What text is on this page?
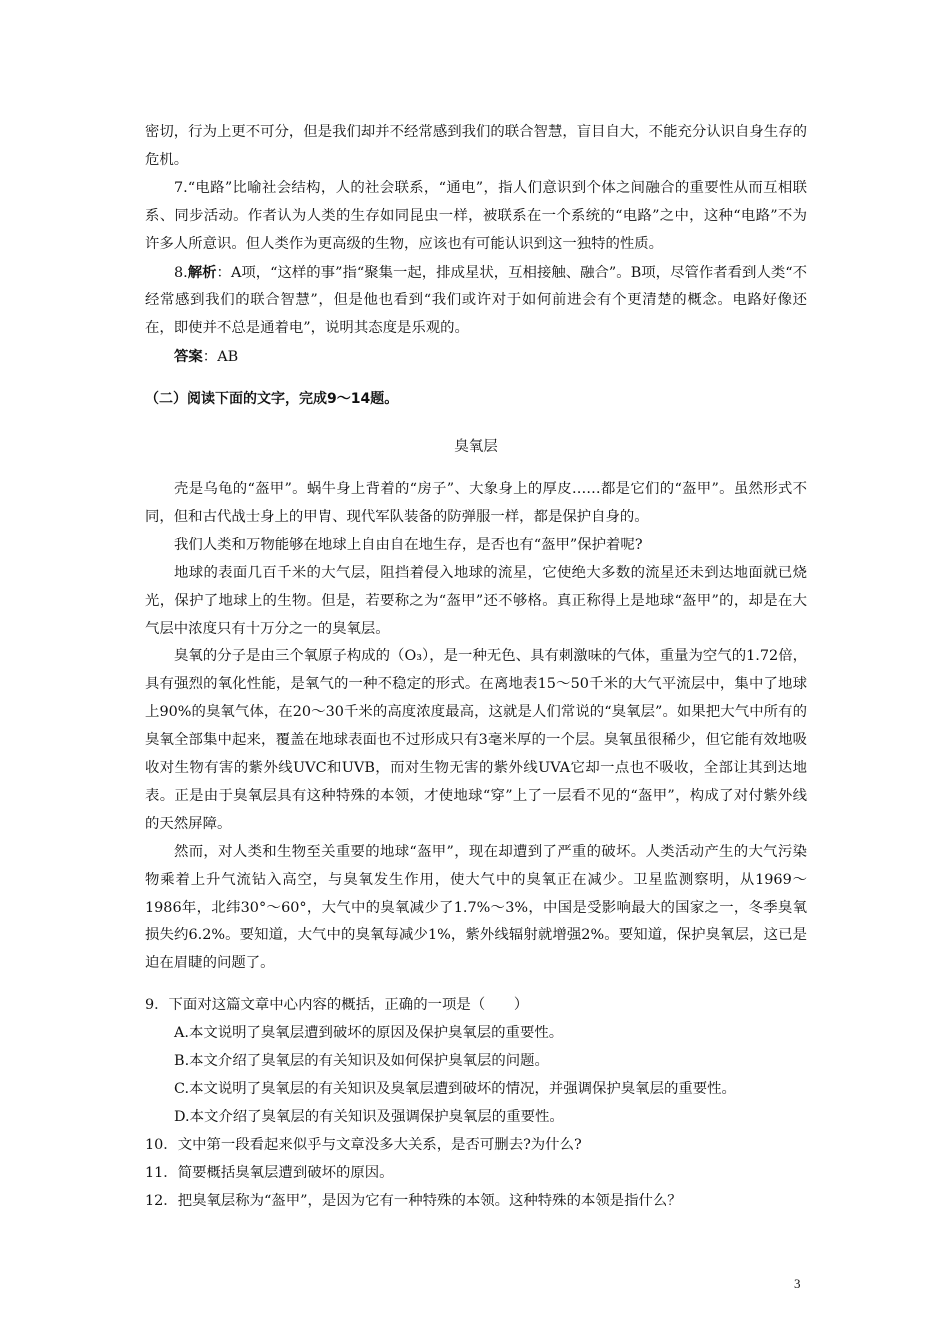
密切，行为上更不可分，但是我们却并不经常感到我们的联合智慧，盲目自大，不能充分认识自身生存的危机。

7.“电路”比喻社会结构，人的社会联系，“通电”，指人们意识到个体之间融合的重要性从而互相联系、同步活动。作者认为人类的生存如同昆虫一样，被联系在一个系统的“电路”之中，这种“电路”不为许多人所意识。但人类作为更高级的生物，应该也有可能认识到这一独特的性质。

8.解析：A项，“这样的事”指“聚集一起，排成星状，互相接触、融合”。B项，尽管作者看到人类“不经常感到我们的联合智慧”，但是他也看到“我们或许对于如何前进会有个更清楚的概念。电路好像还在，即使并不总是通着电”，说明其态度是乐观的。

答案：AB

（二）阅读下面的文字，完成9～14题。

臭氧层

壳是乌龟的“盔甲”。蜗牛身上背着的“房子”、大象身上的厚皮……都是它们的“盔甲”。虽然形式不同，但和古代战士身上的甲胄、现代军队装备的防弹服一样，都是保护自身的。

我们人类和万物能够在地球上自由自在地生存，是否也有“盔甲”保护着呢?

地球的表面几百千米的大气层，阻挡着侵入地球的流星，它使绝大多数的流星还未到达地面就已烧光，保护了地球上的生物。但是，若要称之为“盔甲”还不够格。真正称得上是地球“盔甲”的，却是在大气层中浓度只有十万分之一的臭氧层。

臭氧的分子是由三个氧原子构成的（O₃），是一种无色、具有刺激味的气体，重量为空气的1.72倍，具有强烈的氧化性能，是氧气的一种不稳定的形式。在离地表15～50千米的大气平流层中，集中了地球上90%的臭氧气体，在20～30千米的高度浓度最高，这就是人们常说的“臭氧层”。如果把大气中所有的臭氧全部集中起来，覆盖在地球表面也不过形成只有3毫米厚的一个层。臭氧虽很稀少，但它能有效地吸收对生物有害的紫外线UVC和UVB，而对生物无害的紫外线UVA它却一点也不吸收，全部让其到达地表。正是由于臭氧层具有这种特殊的本领，才使地球“穿”上了一层看不见的“盔甲”，构成了对付紫外线的天然屏障。

然而，对人类和生物至关重要的地球“盔甲”，现在却遭到了严重的破坏。人类活动产生的大气污染物乘着上升气流钻入高空，与臭氧发生作用，使大气中的臭氧正在减少。卫星监测察明，从1969～1986年，北纬30°～60°，大气中的臭氧减少了1.7%～3%，中国是受影响最大的国家之一，冬季臭氧损失约6.2%。要知道，大气中的臭氧每减少1%，紫外线辐射就增强2%。要知道，保护臭氧层，这已是迫在眉睫的问题了。

9．下面对这篇文章中心内容的概括，正确的一项是（　　）

A.本文说明了臭氧层遭到破坏的原因及保护臭氧层的重要性。

B.本文介绍了臭氧层的有关知识及如何保护臭氧层的问题。

C.本文说明了臭氧层的有关知识及臭氧层遭到破坏的情况，并强调保护臭氧层的重要性。

D.本文介绍了臭氧层的有关知识及强调保护臭氧层的重要性。

10．文中第一段看起来似乎与文章没多大关系，是否可删去?为什么?

11．简要概括臭氧层遭到破坏的原因。

12．把臭氧层称为“盔甲”，是因为它有一种特殊的本领。这种特殊的本领是指什么？

3
